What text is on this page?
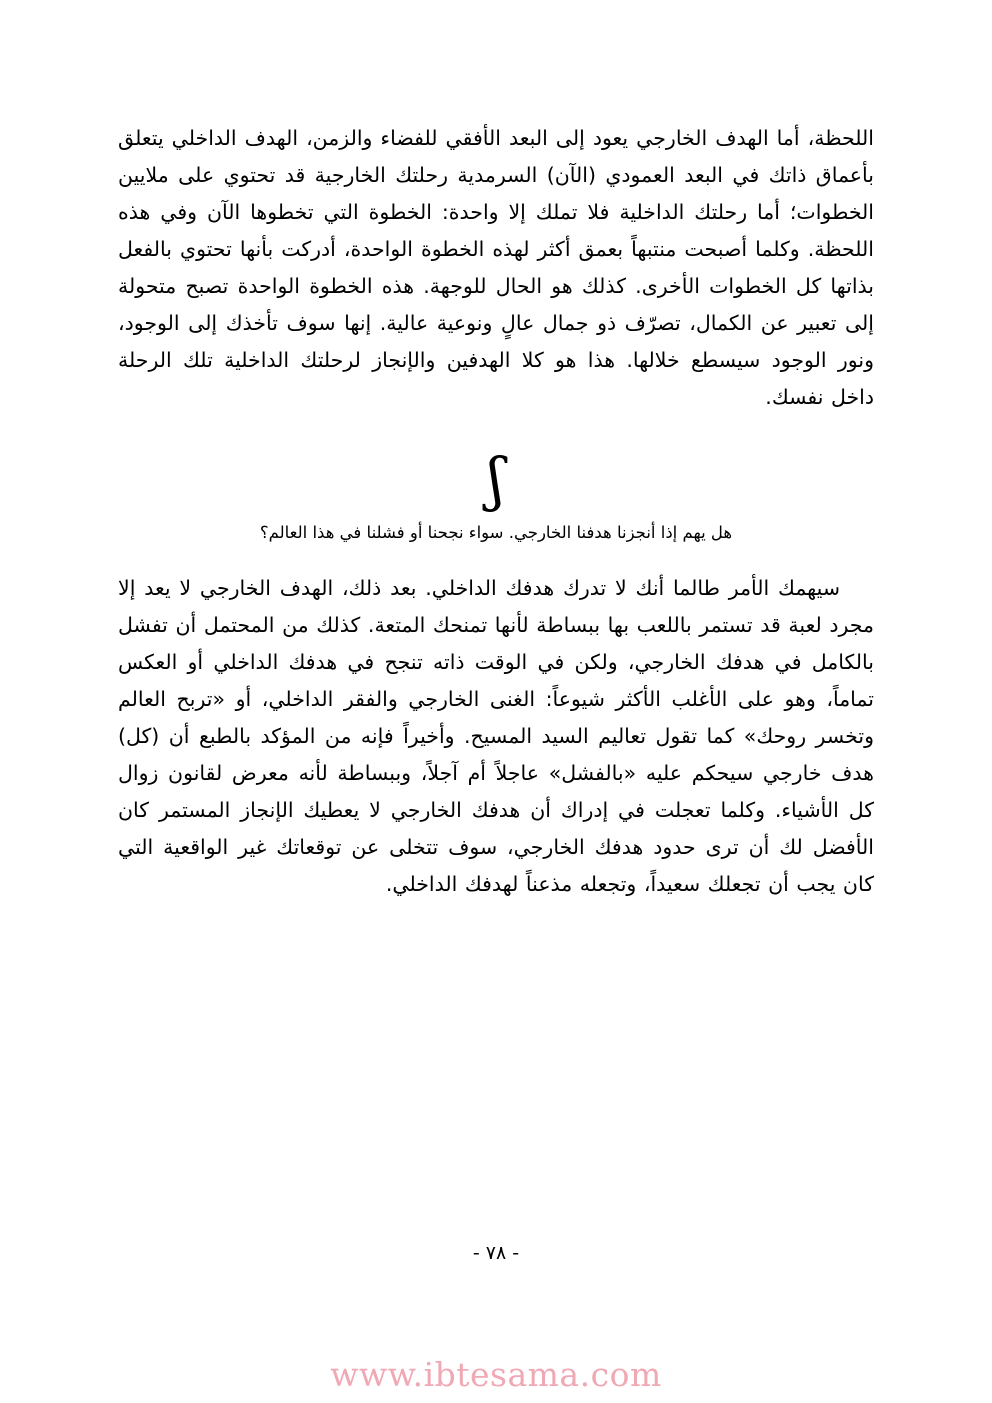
اللحظة، أما الهدف الخارجي يعود إلى البعد الأفقي للفضاء والزمن، الهدف الداخلي يتعلق بأعماق ذاتك في البعد العمودي (الآن) السرمدية رحلتك الخارجية قد تحتوي على ملايين الخطوات؛ أما رحلتك الداخلية فلا تملك إلا واحدة: الخطوة التي تخطوها الآن وفي هذه اللحظة. وكلما أصبحت منتبهاً بعمق أكثر لهذه الخطوة الواحدة، أدركت بأنها تحتوي بالفعل بذاتها كل الخطوات الأخرى. كذلك هو الحال للوجهة. هذه الخطوة الواحدة تصبح متحولة إلى تعبير عن الكمال، تصرّف ذو جمال عالٍ ونوعية عالية. إنها سوف تأخذك إلى الوجود، ونور الوجود سيسطع خلالها. هذا هو كلا الهدفين والإنجاز لرحلتك الداخلية تلك الرحلة داخل نفسك.

ʃ
هل يهم إذا أنجزنا هدفنا الخارجي. سواء نجحنا أو فشلنا في هذا العالم؟

سيهمك الأمر طالما أنك لا تدرك هدفك الداخلي. بعد ذلك، الهدف الخارجي لا يعد إلا مجرد لعبة قد تستمر باللعب بها ببساطة لأنها تمنحك المتعة. كذلك من المحتمل أن تفشل بالكامل في هدفك الخارجي، ولكن في الوقت ذاته تنجح في هدفك الداخلي أو العكس تماماً، وهو على الأغلب الأكثر شيوعاً: الغنى الخارجي والفقر الداخلي، أو «تربح العالم وتخسر روحك» كما تقول تعاليم السيد المسيح. وأخيراً فإنه من المؤكد بالطبع أن (كل) هدف خارجي سيحكم عليه «بالفشل» عاجلاً أم آجلاً، وببساطة لأنه معرض لقانون زوال كل الأشياء. وكلما تعجلت في إدراك أن هدفك الخارجي لا يعطيك الإنجاز المستمر كان الأفضل لك أن ترى حدود هدفك الخارجي، سوف تتخلى عن توقعاتك غير الواقعية التي كان يجب أن تجعلك سعيداً، وتجعله مذعناً لهدفك الداخلي.

- ٧٨ -
www.ibtesama.com
